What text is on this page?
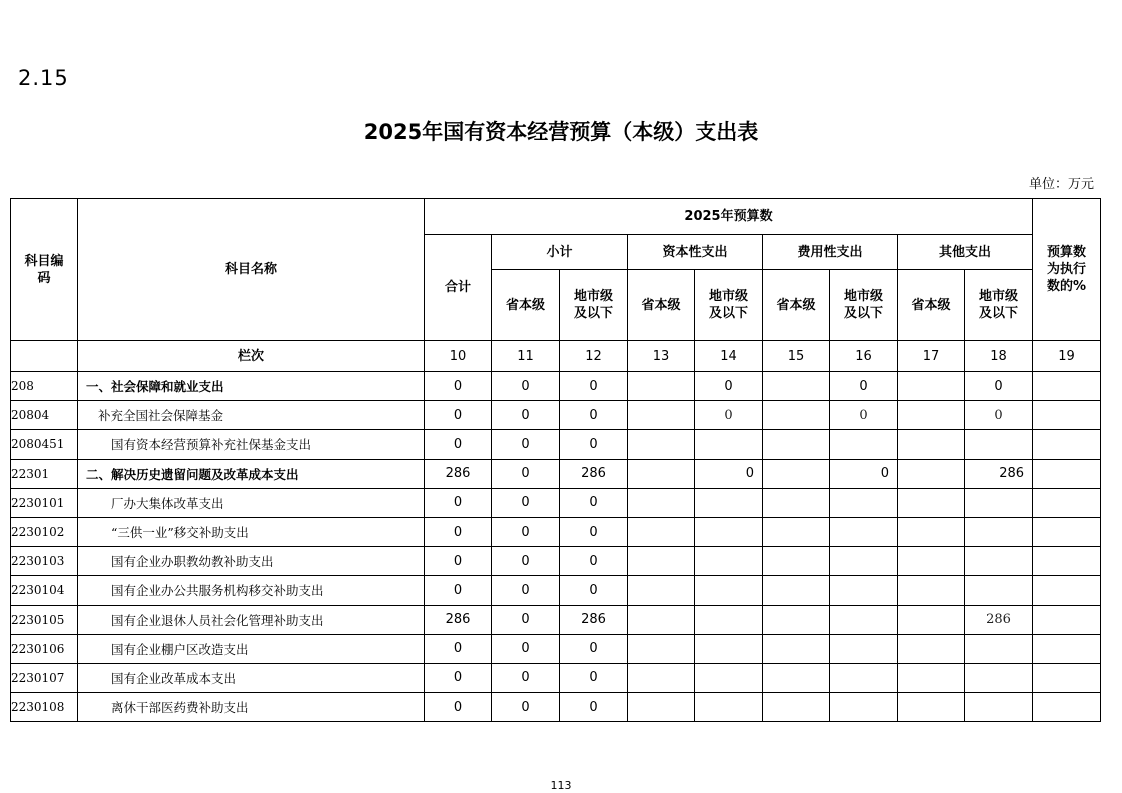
2.15
2025年国有资本经营预算（本级）支出表
单位：万元
科目编码	科目名称	2025年预算数									预算数为执行数的%
		合计	小计		资本性支出		费用性支出		其他支出		
			省本级	地市级及以下	省本级	地市级及以下	省本级	地市级及以下	省本级	地市级及以下	
	栏次	10	11	12	13	14	15	16	17	18	19
208	一、社会保障和就业支出	0	0	0		0		0		0	
20804	补充全国社会保障基金	0	0	0		0		0		0	
2080451	国有资本经营预算补充社保基金支出	0	0	0							
22301	二、解决历史遗留问题及改革成本支出	286	0	286		0		0		286	
2230101	厂办大集体改革支出	0	0	0							
2230102	“三供一业”移交补助支出	0	0	0							
2230103	国有企业办职教幼教补助支出	0	0	0							
2230104	国有企业办公共服务机构移交补助支出	0	0	0							
2230105	国有企业退休人员社会化管理补助支出	286	0	286						286	
2230106	国有企业棚户区改造支出	0	0	0							
2230107	国有企业改革成本支出	0	0	0							
2230108	离休干部医药费补助支出	0	0	0							
113
